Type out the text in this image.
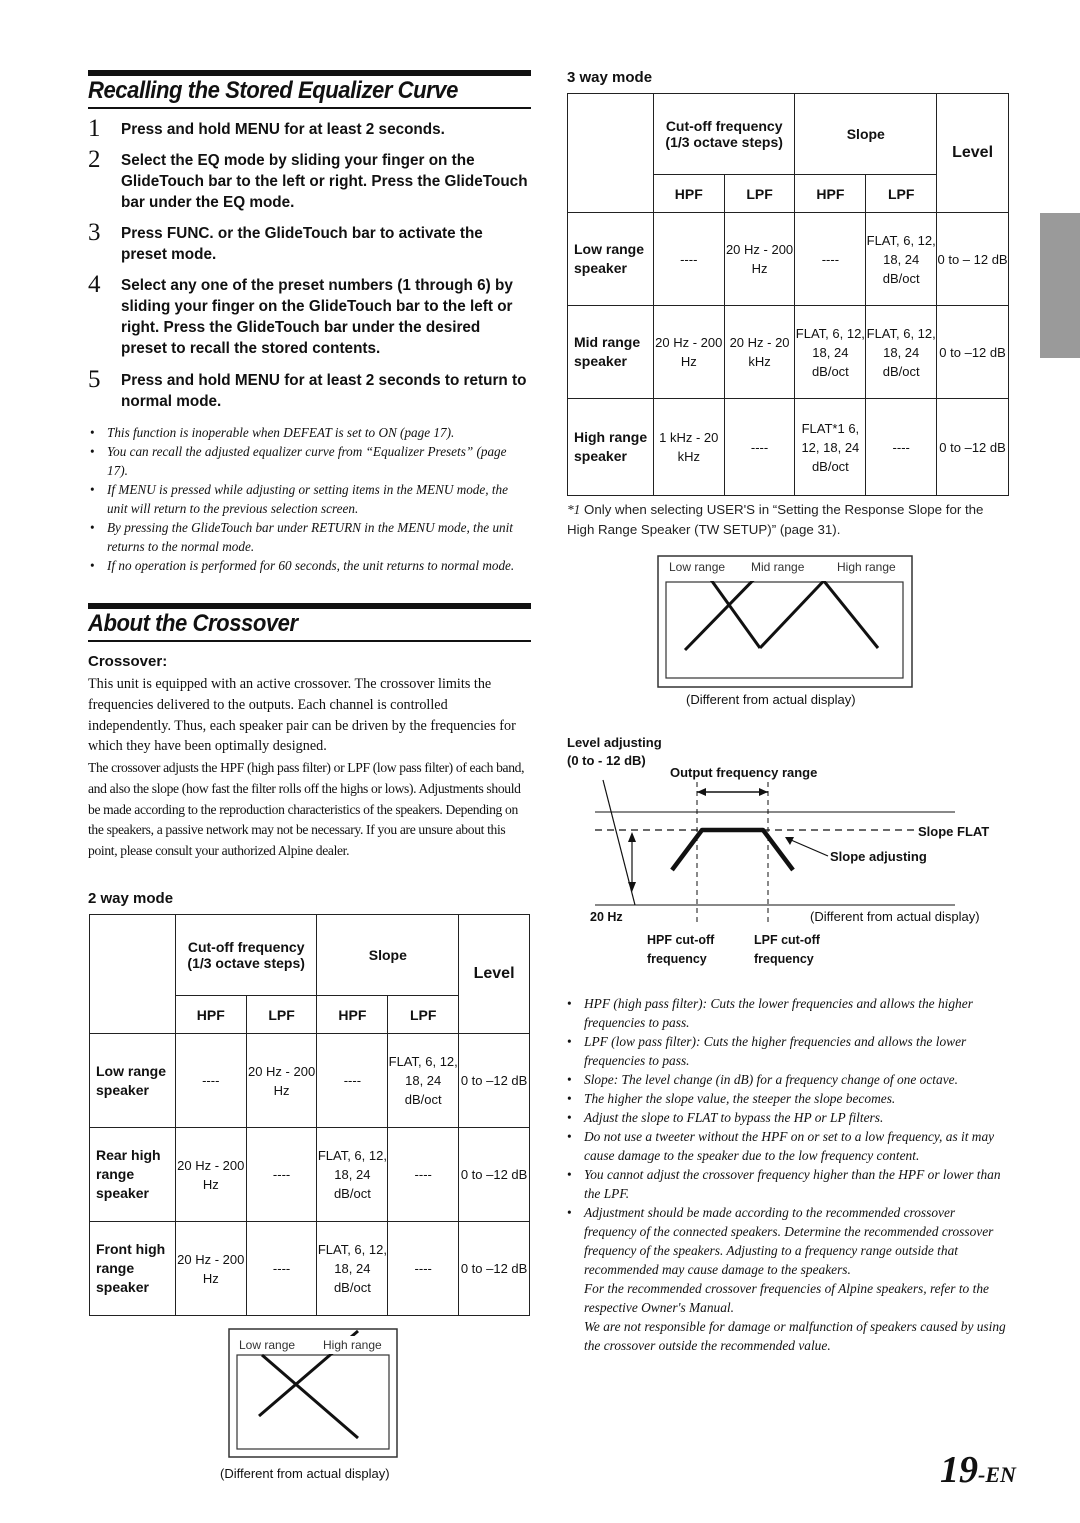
Recalling the Stored Equalizer Curve
1 Press and hold MENU for at least 2 seconds.
2 Select the EQ mode by sliding your finger on the GlideTouch bar to the left or right. Press the GlideTouch bar under the EQ mode.
3 Press FUNC. or the GlideTouch bar to activate the preset mode.
4 Select any one of the preset numbers (1 through 6) by sliding your finger on the GlideTouch bar to the left or right. Press the GlideTouch bar under the desired preset to recall the stored contents.
5 Press and hold MENU for at least 2 seconds to return to normal mode.
• This function is inoperable when DEFEAT is set to ON (page 17).
• You can recall the adjusted equalizer curve from “Equalizer Presets” (page 17).
• If MENU is pressed while adjusting or setting items in the MENU mode, the unit will return to the previous selection screen.
• By pressing the GlideTouch bar under RETURN in the MENU mode, the unit returns to the normal mode.
• If no operation is performed for 60 seconds, the unit returns to normal mode.
About the Crossover
Crossover:
This unit is equipped with an active crossover. The crossover limits the frequencies delivered to the outputs. Each channel is controlled independently. Thus, each speaker pair can be driven by the frequencies for which they have been optimally designed.
The crossover adjusts the HPF (high pass filter) or LPF (low pass filter) of each band, and also the slope (how fast the filter rolls off the highs or lows). Adjustments should be made according to the reproduction characteristics of the speakers. Depending on the speakers, a passive network may not be necessary. If you are unsure about this point, please consult your authorized Alpine dealer.
2 way mode

	Cut-off frequency
(1/3 octave steps)		Slope		Level
	HPF	LPF	HPF	LPF	
Low range speaker	----	20 Hz - 200 Hz	----	FLAT, 6, 12, 18, 24 dB/oct	0 to –12 dB
Rear high range speaker	20 Hz - 200 Hz	----	FLAT, 6, 12, 18, 24 dB/oct	----	0 to –12 dB
Front high range speaker	20 Hz - 200 Hz	----	FLAT, 6, 12, 18, 24 dB/oct	----	0 to –12 dB
Low range High range
(Different from actual display)
3 way mode

	Cut-off frequency
(1/3 octave steps)		Slope		Level
	HPF	LPF	HPF	LPF	
Low range speaker	----	20 Hz - 200 Hz	----	FLAT, 6, 12, 18, 24 dB/oct	0 to – 12 dB
Mid range speaker	20 Hz - 200 Hz	20 Hz - 20 kHz	FLAT, 6, 12, 18, 24 dB/oct	FLAT, 6, 12, 18, 24 dB/oct	0 to –12 dB
High range speaker	1 kHz - 20 kHz	----	FLAT*1 6, 12, 18, 24 dB/oct	----	0 to –12 dB
*1 Only when selecting USER'S in “Setting the Response Slope for the High Range Speaker (TW SETUP)” (page 31).
Low range Mid range	High range
(Different from actual display)
Level adjusting
(0 to - 12 dB)
Output frequency range
Slope FLAT
Slope adjusting
20 Hz	(Different from actual display)
HPF cut-off
frequency
LPF cut-off
frequency
• HPF (high pass filter): Cuts the lower frequencies and allows the higher frequencies to pass.
• LPF (low pass filter): Cuts the higher frequencies and allows the lower frequencies to pass.
• Slope: The level change (in dB) for a frequency change of one octave.
• The higher the slope value, the steeper the slope becomes.
• Adjust the slope to FLAT to bypass the HP or LP filters.
• Do not use a tweeter without the HPF on or set to a low frequency, as it may cause damage to the speaker due to the low frequency content.
• You cannot adjust the crossover frequency higher than the HPF or lower than the LPF.
• Adjustment should be made according to the recommended crossover frequency of the connected speakers. Determine the recommended crossover frequency of the speakers. Adjusting to a frequency range outside that recommended may cause damage to the speakers.
For the recommended crossover frequencies of Alpine speakers, refer to the respective Owner's Manual.
We are not responsible for damage or malfunction of speakers caused by using the crossover outside the recommended value.
19-EN
